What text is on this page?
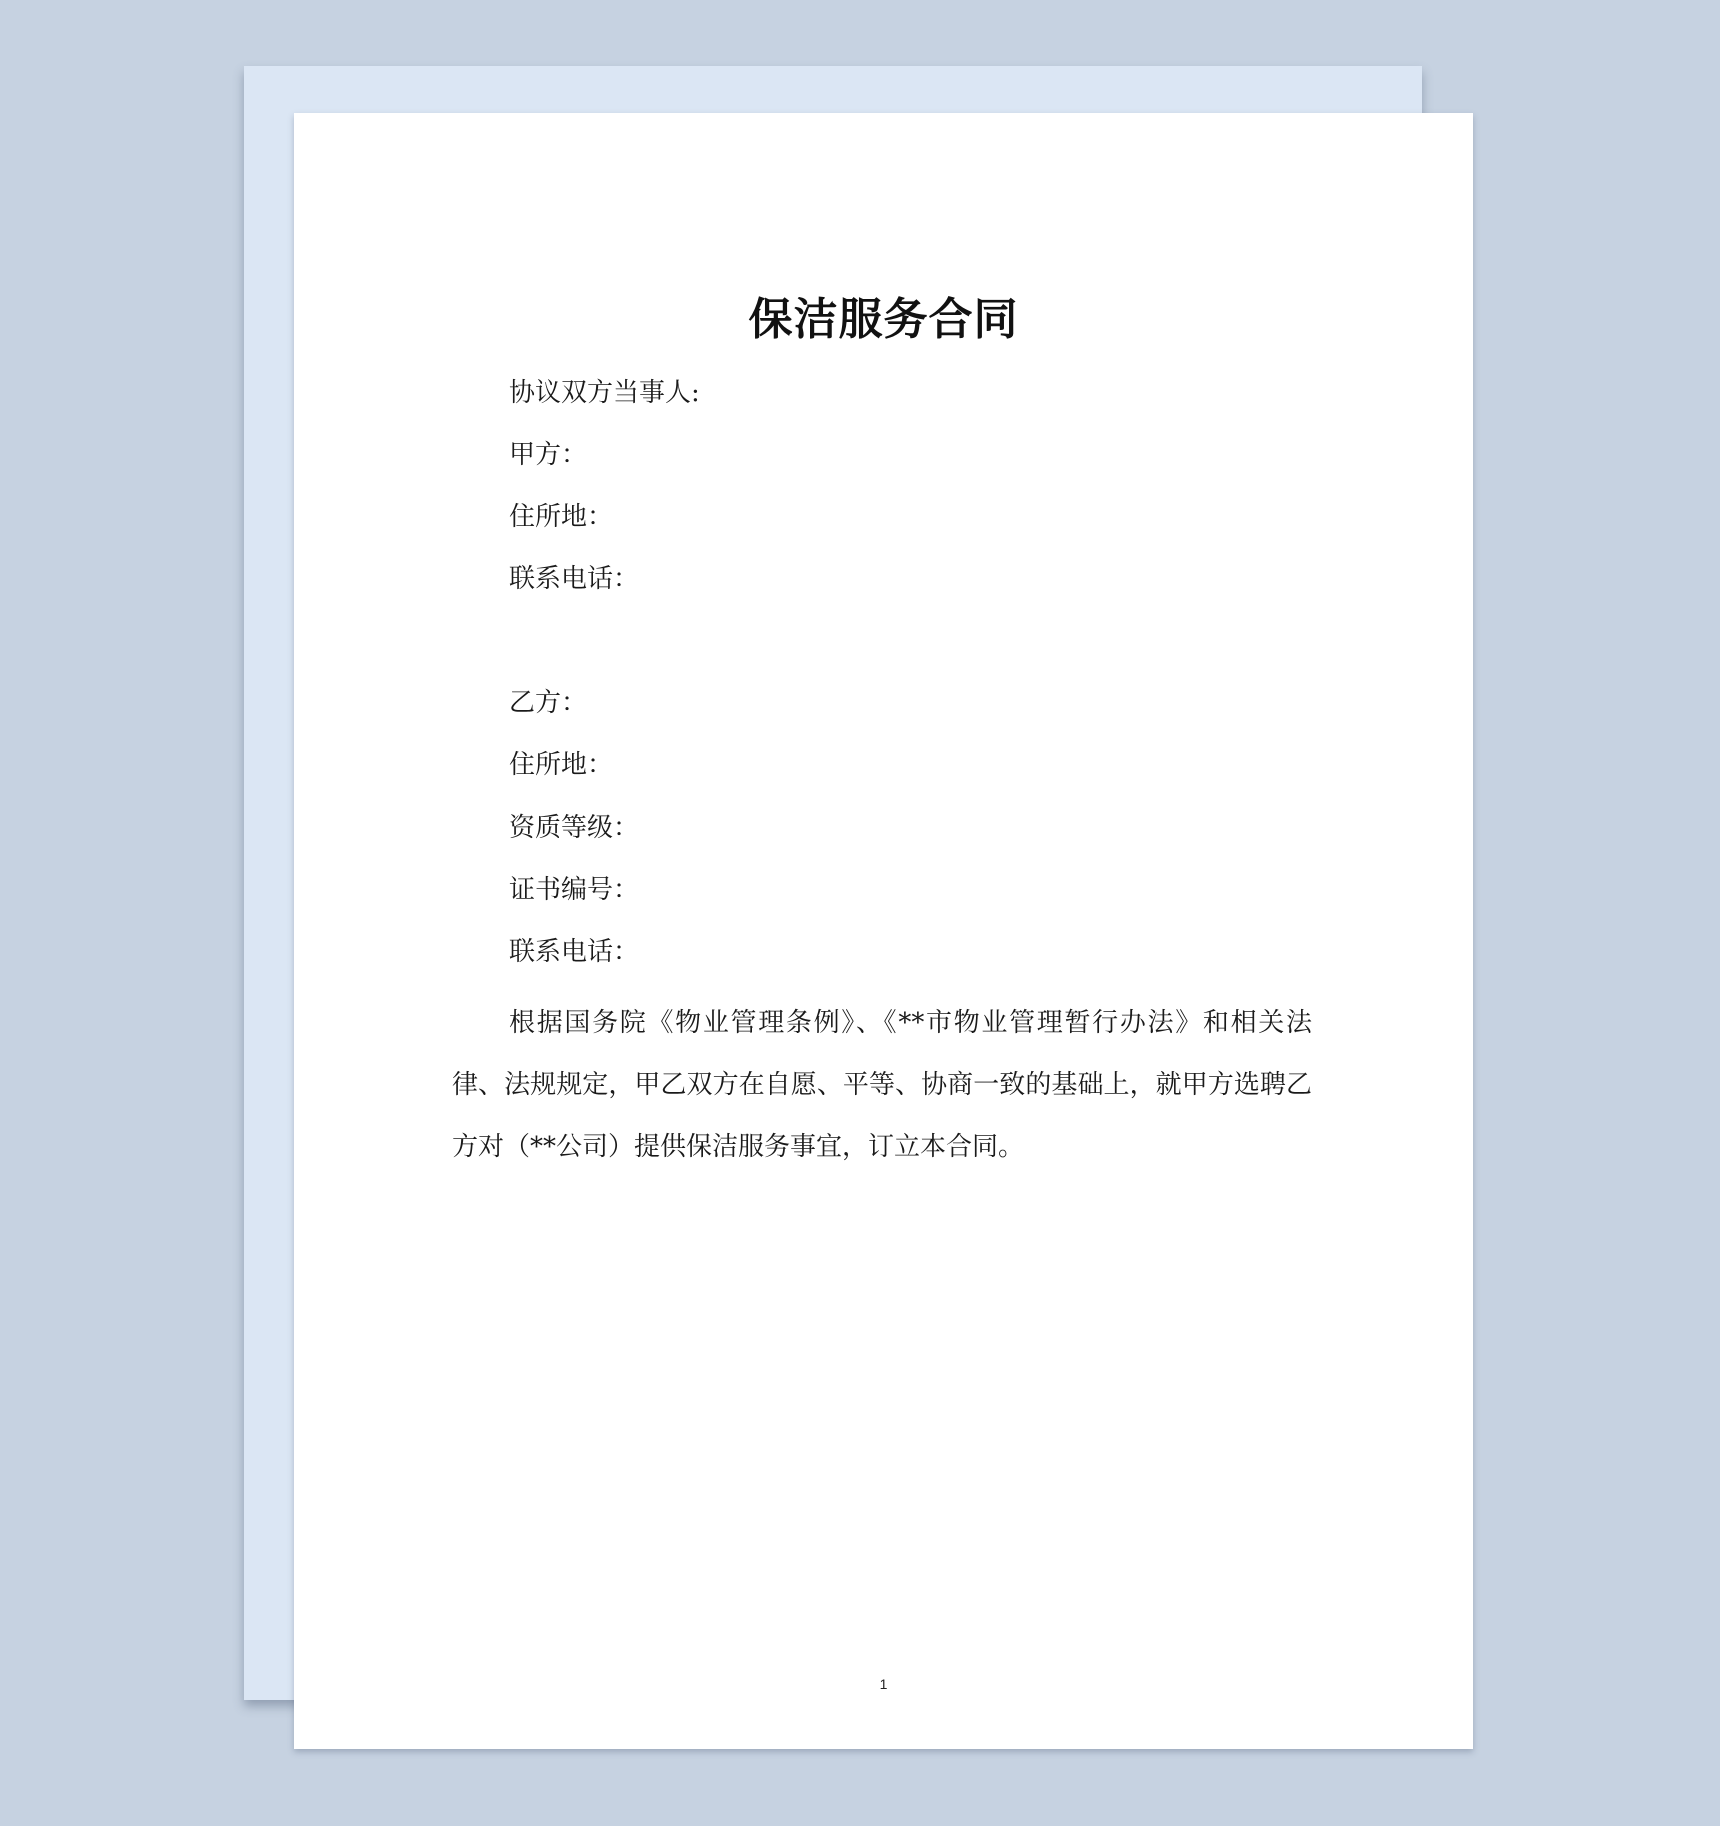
保洁服务合同
协议双方当事人:
甲方：
住所地：
联系电话：
乙方：
住所地：
资质等级：
证书编号：
联系电话：
根据国务院《物业管理条例》、《**市物业管理暂行办法》和相关法律、法规规定，甲乙双方在自愿、平等、协商一致的基础上，就甲方选聘乙方对（**公司）提供保洁服务事宜，订立本合同。
1
